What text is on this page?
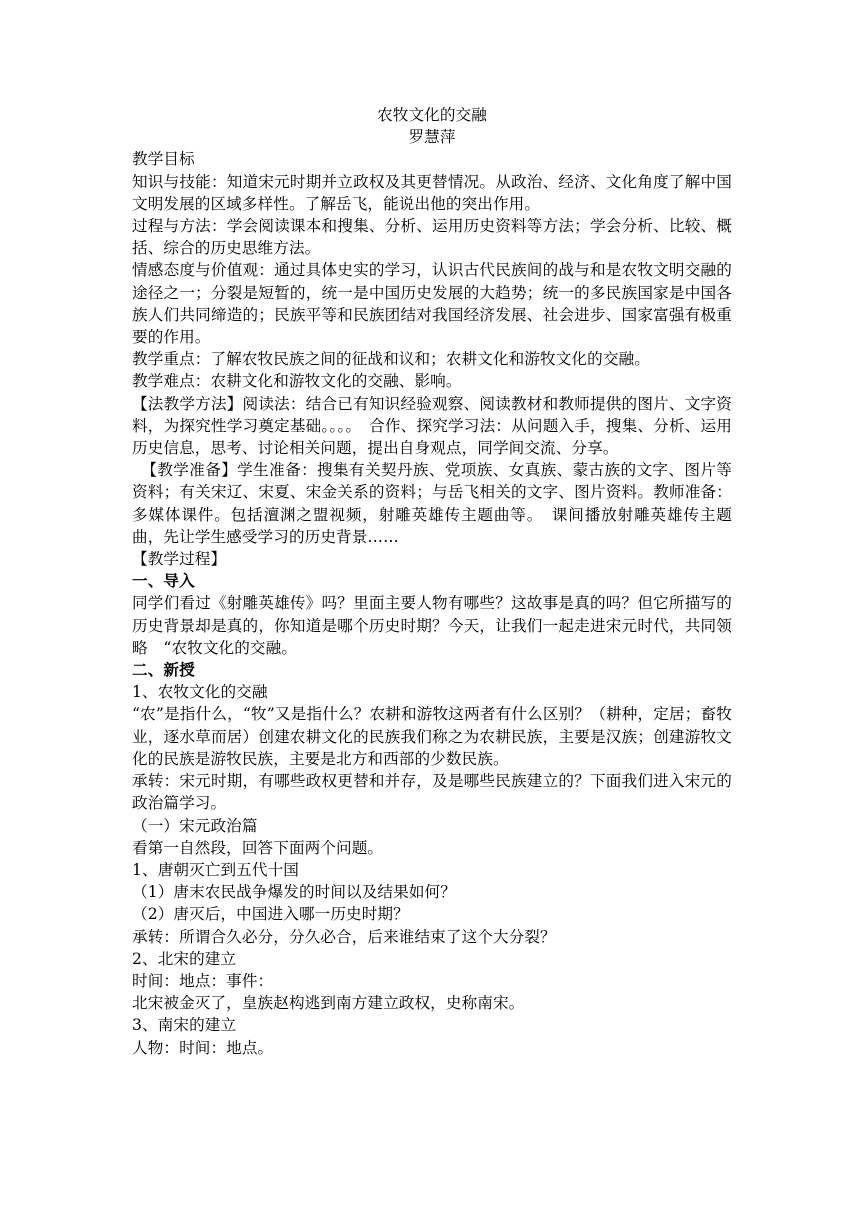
农牧文化的交融
罗慧萍

教学目标

知识与技能：知道宋元时期并立政权及其更替情况。从政治、经济、文化角度了解中国文明发展的区域多样性。了解岳飞，能说出他的突出作用。

过程与方法：学会阅读课本和搜集、分析、运用历史资料等方法；学会分析、比较、概括、综合的历史思维方法。

情感态度与价值观：通过具体史实的学习，认识古代民族间的战与和是农牧文明交融的途径之一；分裂是短暂的，统一是中国历史发展的大趋势；统一的多民族国家是中国各族人们共同缔造的；民族平等和民族团结对我国经济发展、社会进步、国家富强有极重要的作用。

教学重点：了解农牧民族之间的征战和议和；农耕文化和游牧文化的交融。

教学难点：农耕文化和游牧文化的交融、影响。

【法教学方法】阅读法：结合已有知识经验观察、阅读教材和教师提供的图片、文字资料，为探究性学习奠定基础。。。。　合作、探究学习法：从问题入手，搜集、分析、运用历史信息，思考、讨论相关问题，提出自身观点，同学间交流、分享。

【教学准备】学生准备：搜集有关契丹族、党项族、女真族、蒙古族的文字、图片等资料；有关宋辽、宋夏、宋金关系的资料；与岳飞相关的文字、图片资料。教师准备：多媒体课件。包括澶渊之盟视频，射雕英雄传主题曲等。　课间播放射雕英雄传主题曲，先让学生感受学习的历史背景……

【教学过程】

一、导入

同学们看过《射雕英雄传》吗？里面主要人物有哪些？这故事是真的吗？但它所描写的历史背景却是真的，你知道是哪个历史时期？今天，让我们一起走进宋元时代，共同领略　“农牧文化的交融。

二、新授

1、农牧文化的交融

“农”是指什么，“牧”又是指什么？农耕和游牧这两者有什么区别？（耕种，定居；畜牧业，逐水草而居）创建农耕文化的民族我们称之为农耕民族，主要是汉族；创建游牧文化的民族是游牧民族，主要是北方和西部的少数民族。

承转：宋元时期，有哪些政权更替和并存，及是哪些民族建立的？下面我们进入宋元的政治篇学习。

（一）宋元政治篇

看第一自然段，回答下面两个问题。

1、唐朝灭亡到五代十国

（1）唐末农民战争爆发的时间以及结果如何？

（2）唐灭后，中国进入哪一历史时期？

承转：所谓合久必分，分久必合，后来谁结束了这个大分裂？

2、北宋的建立

时间：地点：事件：

北宋被金灭了，皇族赵构逃到南方建立政权，史称南宋。

3、南宋的建立

人物：时间：地点。
